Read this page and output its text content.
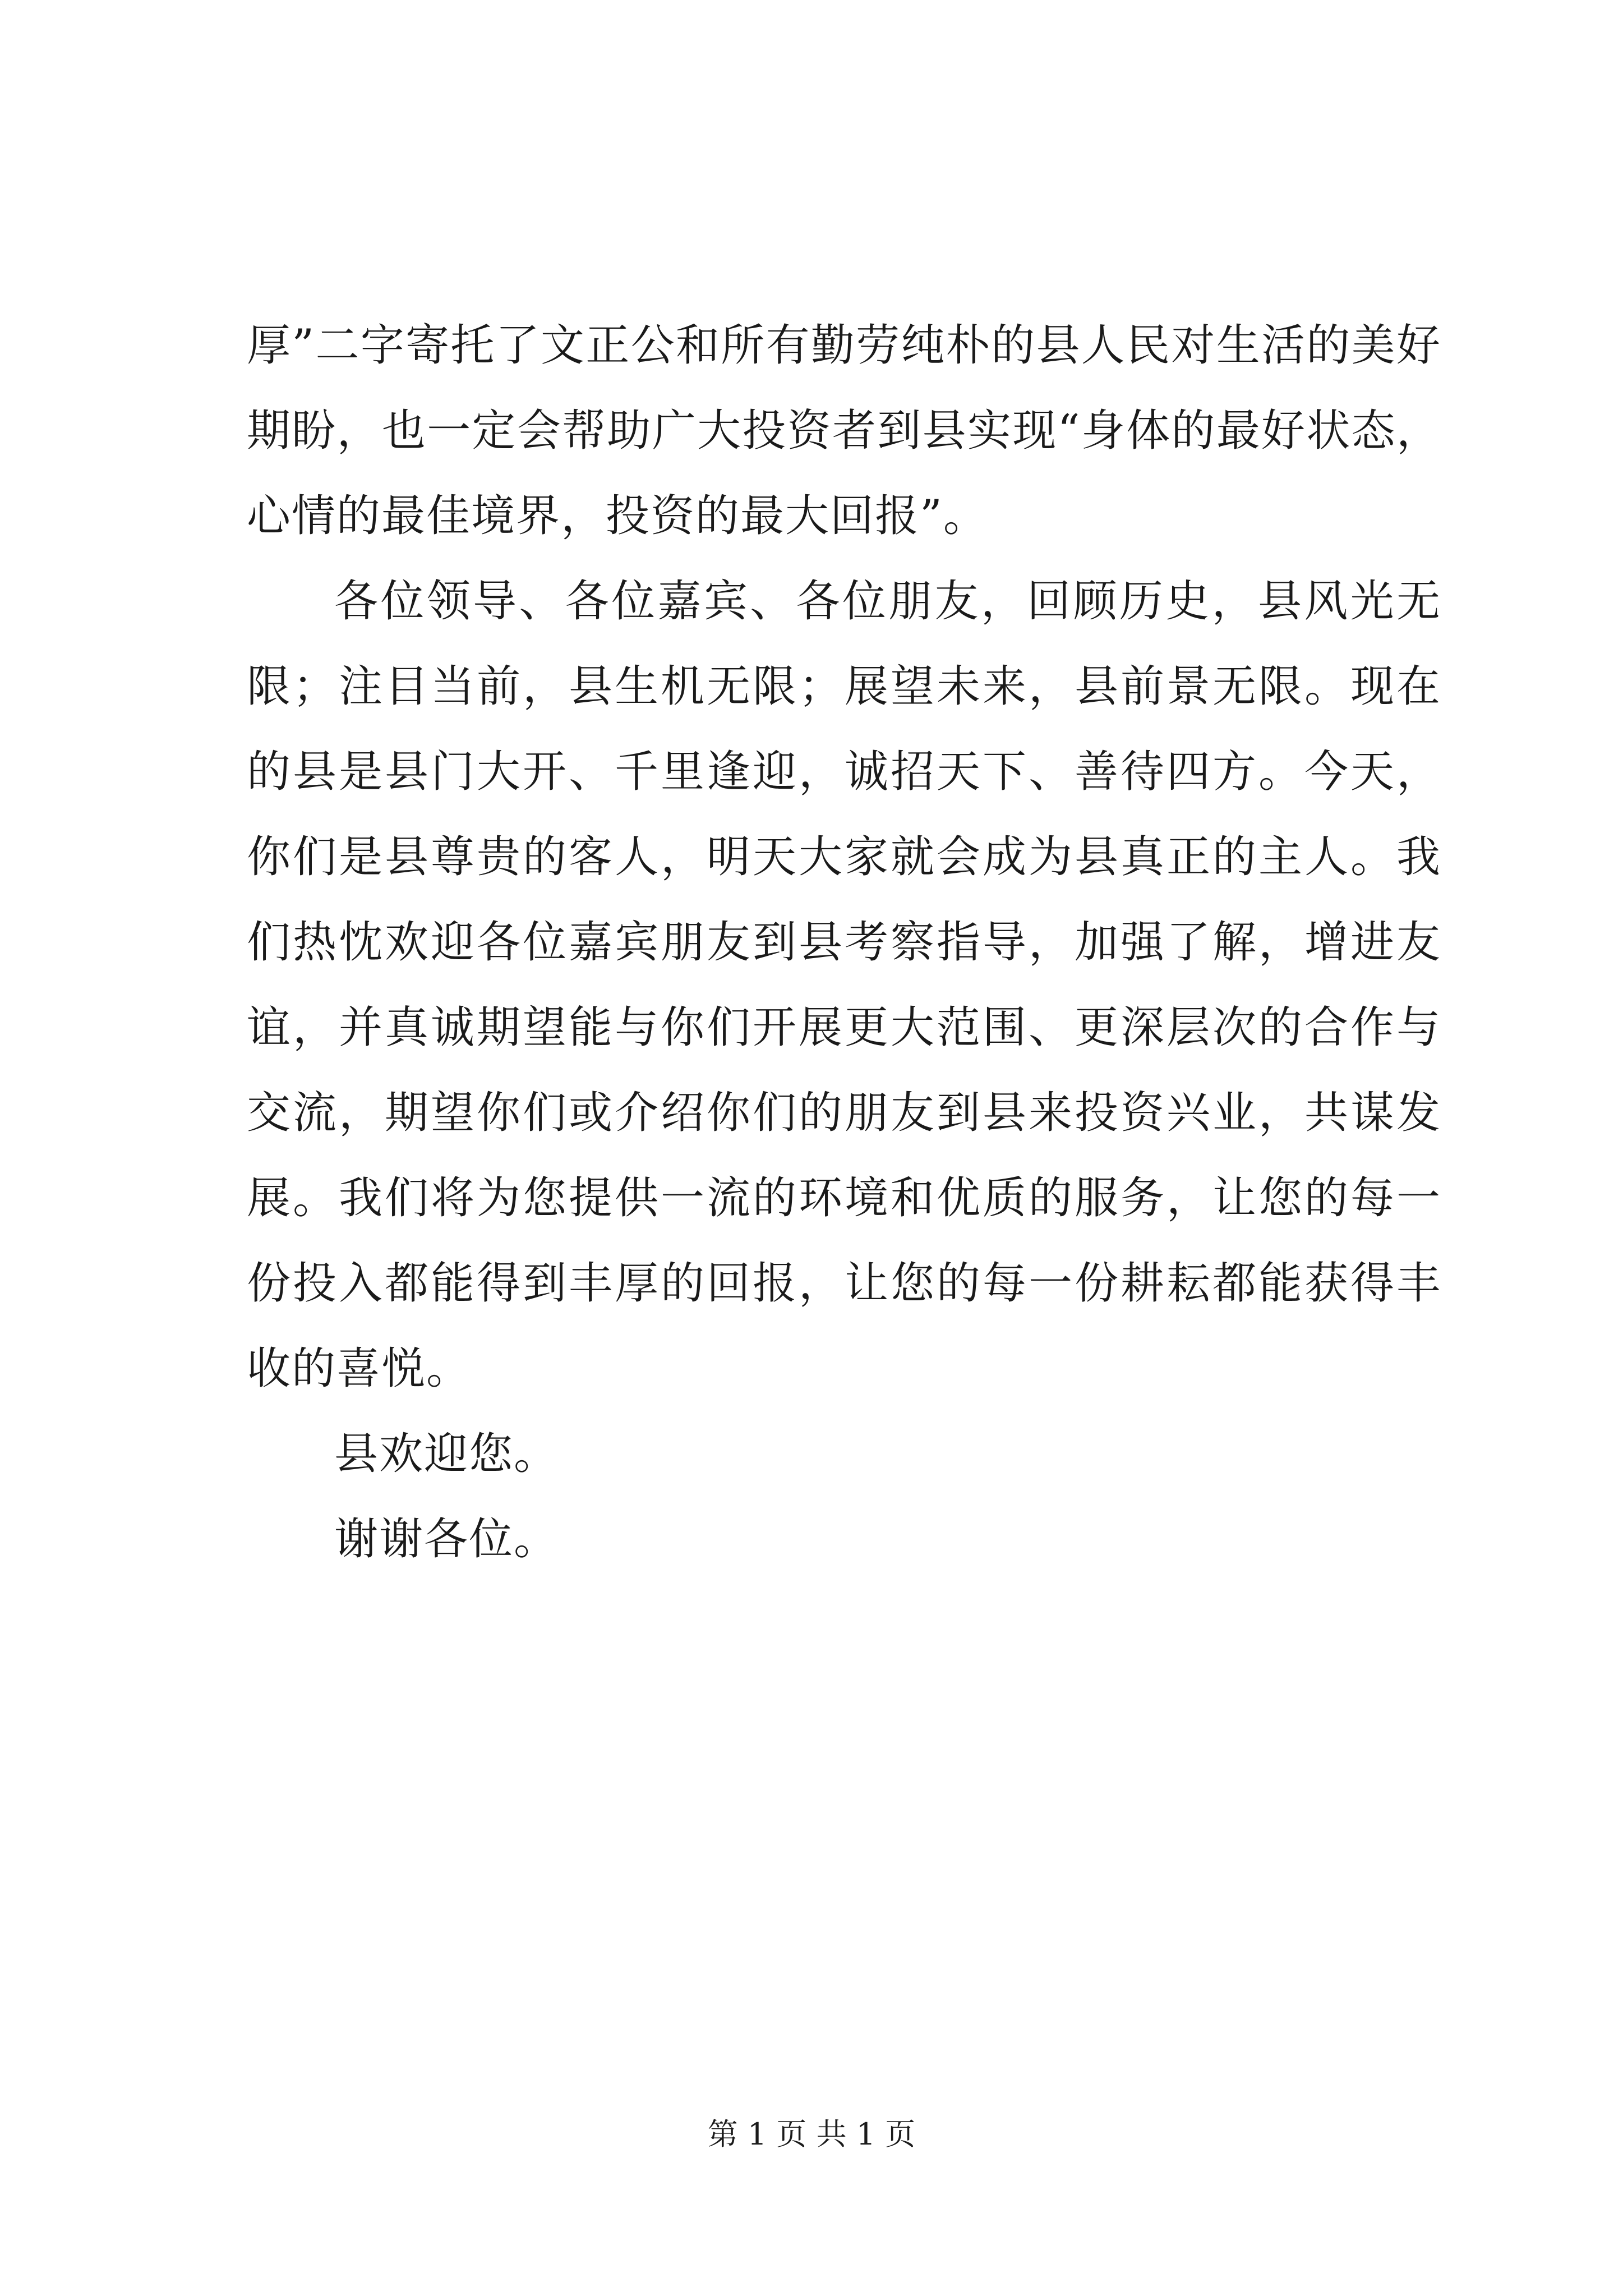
厚”二字寄托了文正公和所有勤劳纯朴的县人民对生活的美好期盼，也一定会帮助广大投资者到县实现“身体的最好状态，心情的最佳境界，投资的最大回报”。

各位领导、各位嘉宾、各位朋友，回顾历史，县风光无限；注目当前，县生机无限；展望未来，县前景无限。现在的县是县门大开、千里逢迎，诚招天下、善待四方。今天，你们是县尊贵的客人，明天大家就会成为县真正的主人。我们热忱欢迎各位嘉宾朋友到县考察指导，加强了解，增进友谊，并真诚期望能与你们开展更大范围、更深层次的合作与交流，期望你们或介绍你们的朋友到县来投资兴业，共谋发展。我们将为您提供一流的环境和优质的服务，让您的每一份投入都能得到丰厚的回报，让您的每一份耕耘都能获得丰收的喜悦。

县欢迎您。

谢谢各位。

第 1 页 共 1 页
